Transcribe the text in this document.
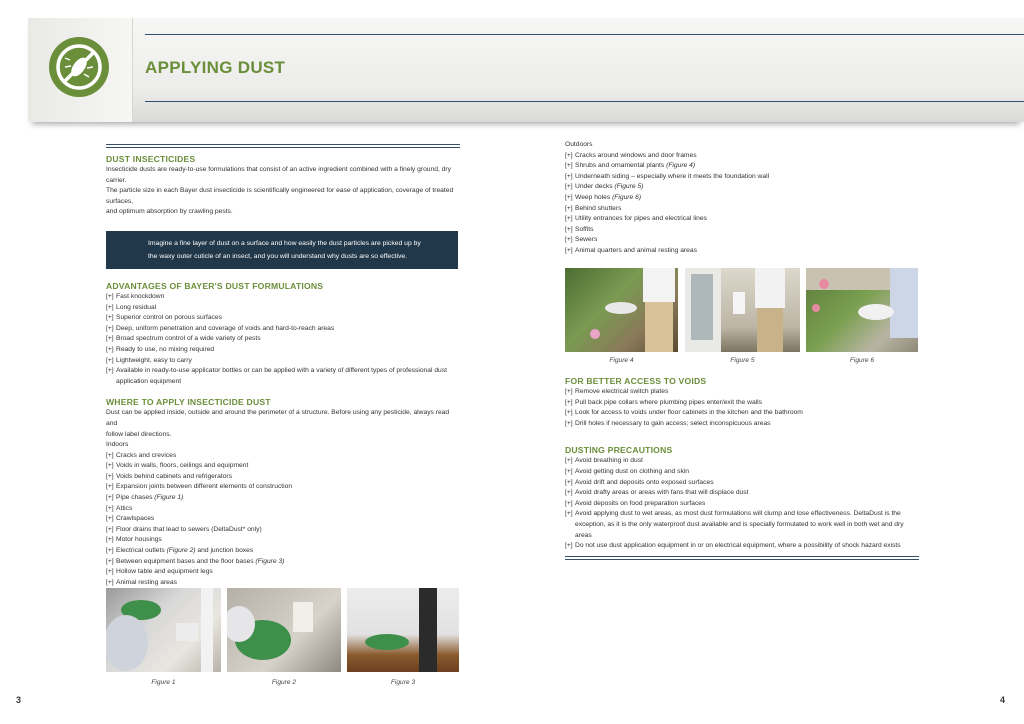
APPLYING DUST
DUST INSECTICIDES

Insecticide dusts are ready-to-use formulations that consist of an active ingredient combined with a finely ground, dry carrier.

The particle size in each Bayer dust insecticide is scientifically engineered for ease of application, coverage of treated surfaces,

and optimum absorption by crawling pests.

Imagine a fine layer of dust on a surface and how easily the dust particles are picked up by
the waxy outer cuticle of an insect, and you will understand why dusts are so effective.
ADVANTAGES OF BAYER'S DUST FORMULATIONS
[+] Fast knockdown
[+] Long residual
[+] Superior control on porous surfaces
[+] Deep, uniform penetration and coverage of voids and hard-to-reach areas
[+] Broad spectrum control of a wide variety of pests
[+] Ready to use, no mixing required
[+] Lightweight, easy to carry
[+] Available in ready-to-use applicator bottles or can be applied with a variety of different types of professional dust
application equipment
WHERE TO APPLY INSECTICIDE DUST

Dust can be applied inside, outside and around the perimeter of a structure. Before using any pesticide, always read and

follow label directions.

Indoors

[+] Cracks and crevices
[+] Voids in walls, floors, ceilings and equipment
[+] Voids behind cabinets and refrigerators
[+] Expansion joints between different elements of construction
[+] Pipe chases (Figure 1)
[+] Attics
[+] Crawlspaces
[+] Floor drains that lead to sewers (DeltaDust* only)
[+] Motor housings
[+] Electrical outlets (Figure 2) and junction boxes
[+] Between equipment bases and the floor bases (Figure 3)
[+] Hollow table and equipment legs
[+] Animal resting areas
Figure 1	Figure 2	Figure 3

Outdoors

[+] Cracks around windows and door frames
[+] Shrubs and ornamental plants (Figure 4)
[+] Underneath siding – especially where it meets the foundation wall
[+] Under decks (Figure 5)
[+] Weep holes (Figure 6)
[+] Behind shutters
[+] Utility entrances for pipes and electrical lines
[+] Soffits
[+] Sewers
[+] Animal quarters and animal resting areas
Figure 4	Figure 5	Figure 6
FOR BETTER ACCESS TO VOIDS
[+] Remove electrical switch plates
[+] Pull back pipe collars where plumbing pipes enter/exit the walls
[+] Look for access to voids under floor cabinets in the kitchen and the bathroom
[+] Drill holes if necessary to gain access; select inconspicuous areas
DUSTING PRECAUTIONS
[+] Avoid breathing in dust
[+] Avoid getting dust on clothing and skin
[+] Avoid drift and deposits onto exposed surfaces
[+] Avoid drafty areas or areas with fans that will displace dust
[+] Avoid deposits on food preparation surfaces
[+] Avoid applying dust to wet areas, as most dust formulations will clump and lose effectiveness. DeltaDust is the
exception, as it is the only waterproof dust available and is specially formulated to work well in both wet and dry areas
[+] Do not use dust application equipment in or on electrical equipment, where a possibility of shock hazard exists
3	4
